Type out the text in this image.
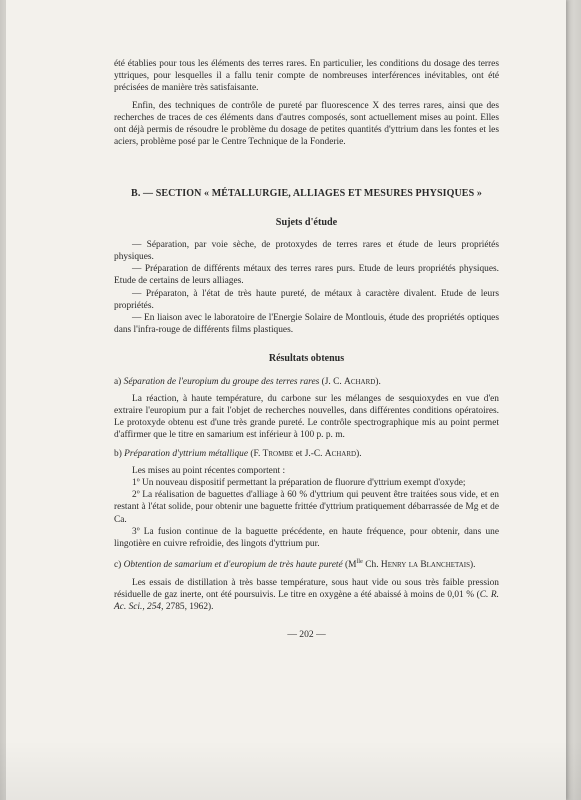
été établies pour tous les éléments des terres rares. En particulier, les conditions du dosage des terres yttriques, pour lesquelles il a fallu tenir compte de nombreuses interférences inévitables, ont été précisées de manière très satisfaisante.

Enfin, des techniques de contrôle de pureté par fluorescence X des terres rares, ainsi que des recherches de traces de ces éléments dans d'autres composés, sont actuellement mises au point. Elles ont déjà permis de résoudre le problème du dosage de petites quantités d'yttrium dans les fontes et les aciers, problème posé par le Centre Technique de la Fonderie.

B. — SECTION « MÉTALLURGIE, ALLIAGES ET MESURES PHYSIQUES »
Sujets d'étude

— Séparation, par voie sèche, de protoxydes de terres rares et étude de leurs propriétés physiques.

— Préparation de différents métaux des terres rares purs. Etude de leurs propriétés physiques. Etude de certains de leurs alliages.

— Préparaton, à l'état de très haute pureté, de métaux à caractère divalent. Etude de leurs propriétés.

— En liaison avec le laboratoire de l'Energie Solaire de Montlouis, étude des propriétés optiques dans l'infra-rouge de différents films plastiques.

Résultats obtenus

a) Séparation de l'europium du groupe des terres rares (J. C. Achard).

La réaction, à haute température, du carbone sur les mélanges de sesquioxydes en vue d'en extraire l'europium pur a fait l'objet de recherches nouvelles, dans différentes conditions opératoires. Le protoxyde obtenu est d'une très grande pureté. Le contrôle spectrographique mis au point permet d'affirmer que le titre en samarium est inférieur à 100 p. p. m.

b) Préparation d'yttrium métallique (F. Trombe et J.-C. Achard).

Les mises au point récentes comportent :

1º Un nouveau dispositif permettant la préparation de fluorure d'yttrium exempt d'oxyde;

2º La réalisation de baguettes d'alliage à 60 % d'yttrium qui peuvent être traitées sous vide, et en restant à l'état solide, pour obtenir une baguette frittée d'yttrium pratiquement débarrassée de Mg et de Ca.

3º La fusion continue de la baguette précédente, en haute fréquence, pour obtenir, dans une lingotière en cuivre refroidie, des lingots d'yttrium pur.

c) Obtention de samarium et d'europium de très haute pureté ($M^{lle}$ Ch. Henry la Blanchetais).

Les essais de distillation à très basse température, sous haut vide ou sous très faible pression résiduelle de gaz inerte, ont été poursuivis. Le titre en oxygène a été abaissé à moins de 0,01 % (C. R. Ac. Sci., 254, 2785, 1962).

— 202 —
